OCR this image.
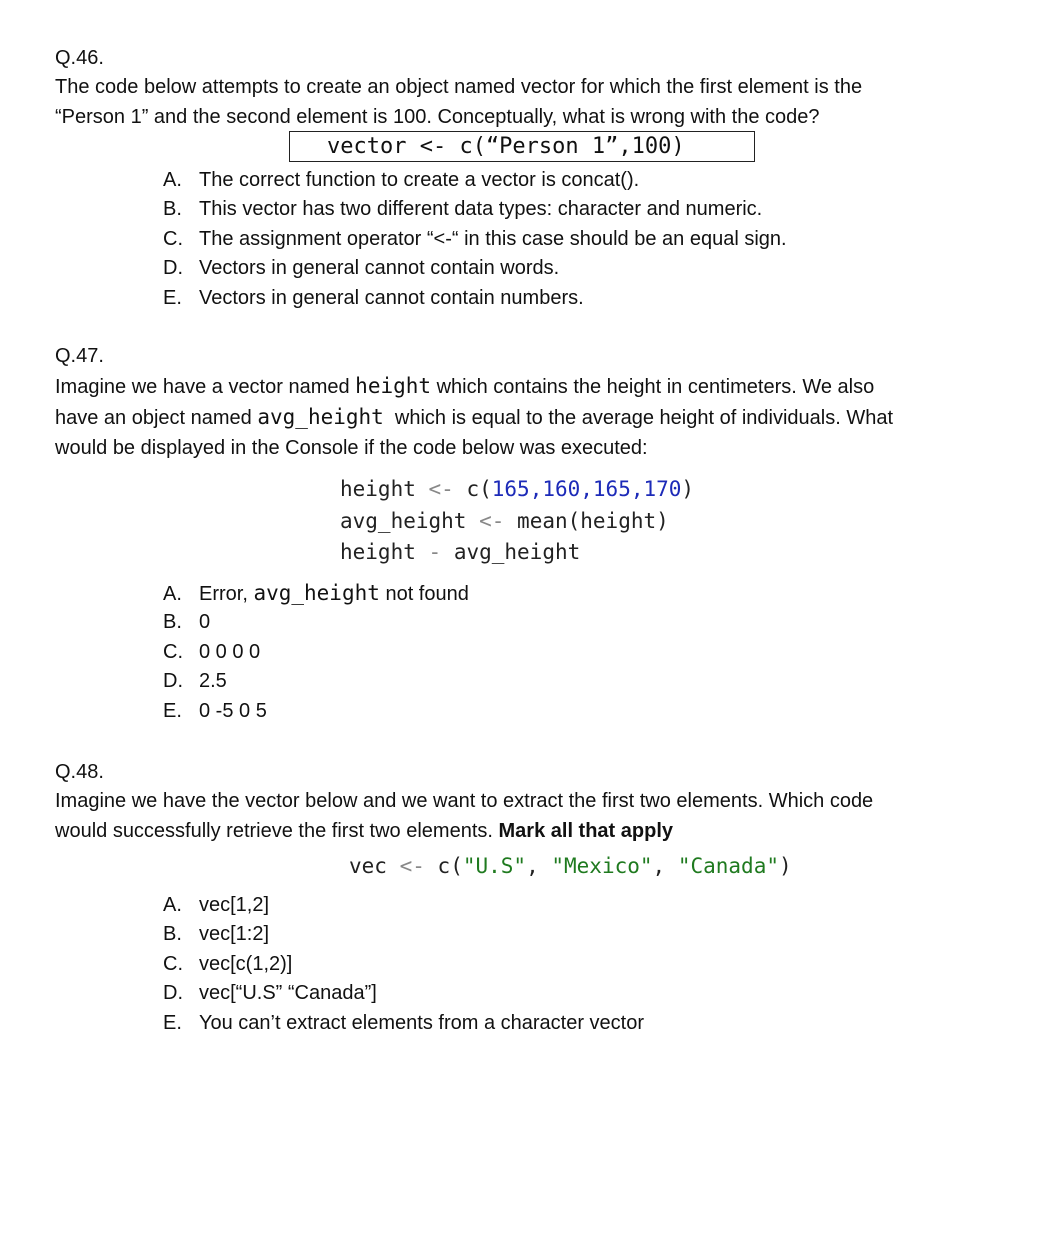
Q.46.
The code below attempts to create an object named vector for which the first element is the
“Person 1” and the second element is 100. Conceptually, what is wrong with the code?
vector <- c(“Person 1”,100)
A. The correct function to create a vector is concat().
B. This vector has two different data types: character and numeric.
C. The assignment operator “<-“ in this case should be an equal sign.
D. Vectors in general cannot contain words.
E. Vectors in general cannot contain numbers.
Q.47.
Imagine we have a vector named height which contains the height in centimeters. We also
have an object named avg_height  which is equal to the average height of individuals. What
would be displayed in the Console if the code below was executed:
height <- c(165,160,165,170)
avg_height <- mean(height)
height - avg_height
A. Error, avg_height not found
B. 0
C. 0 0 0 0
D. 2.5
E. 0 -5 0 5
Q.48.
Imagine we have the vector below and we want to extract the first two elements. Which code
would successfully retrieve the first two elements. Mark all that apply
vec <- c("U.S", "Mexico", "Canada")
A. vec[1,2]
B. vec[1:2]
C. vec[c(1,2)]
D. vec[“U.S” “Canada”]
E. You can’t extract elements from a character vector
